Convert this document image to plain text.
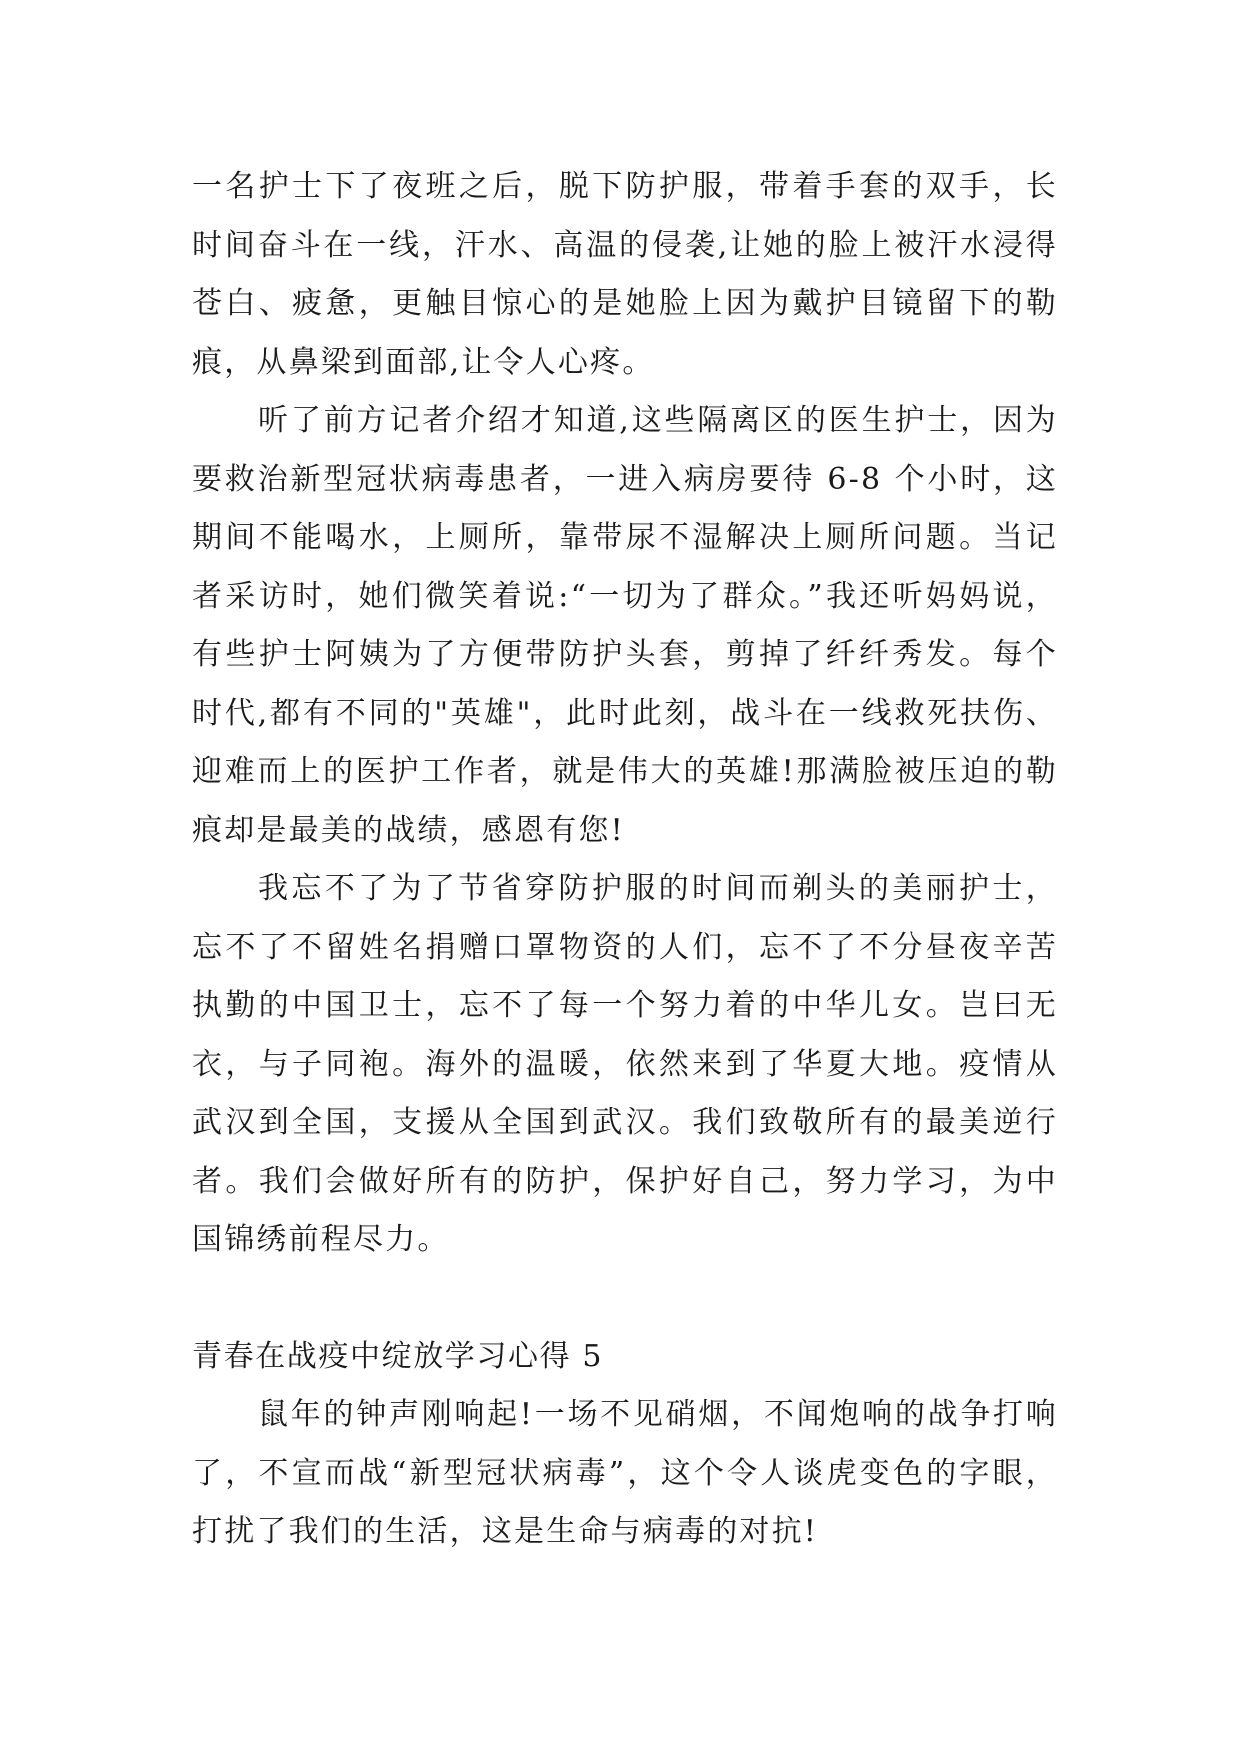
一名护士下了夜班之后，脱下防护服，带着手套的双手，长时间奋斗在一线，汗水、高温的侵袭,让她的脸上被汗水浸得苍白、疲惫，更触目惊心的是她脸上因为戴护目镜留下的勒痕，从鼻梁到面部,让令人心疼。

听了前方记者介绍才知道,这些隔离区的医生护士，因为要救治新型冠状病毒患者，一进入病房要待 6-8 个小时，这期间不能喝水，上厕所，靠带尿不湿解决上厕所问题。当记者采访时，她们微笑着说:“一切为了群众。”我还听妈妈说，有些护士阿姨为了方便带防护头套，剪掉了纤纤秀发。每个时代,都有不同的"英雄"，此时此刻，战斗在一线救死扶伤、迎难而上的医护工作者，就是伟大的英雄!那满脸被压迫的勒痕却是最美的战绩，感恩有您!

我忘不了为了节省穿防护服的时间而剃头的美丽护士，忘不了不留姓名捐赠口罩物资的人们，忘不了不分昼夜辛苦执勤的中国卫士，忘不了每一个努力着的中华儿女。岂曰无衣，与子同袍。海外的温暖，依然来到了华夏大地。疫情从武汉到全国，支援从全国到武汉。我们致敬所有的最美逆行者。我们会做好所有的防护，保护好自己，努力学习，为中国锦绣前程尽力。

青春在战疫中绽放学习心得 5

鼠年的钟声刚响起!一场不见硝烟，不闻炮响的战争打响了，不宣而战“新型冠状病毒”，这个令人谈虎变色的字眼，打扰了我们的生活，这是生命与病毒的对抗!
